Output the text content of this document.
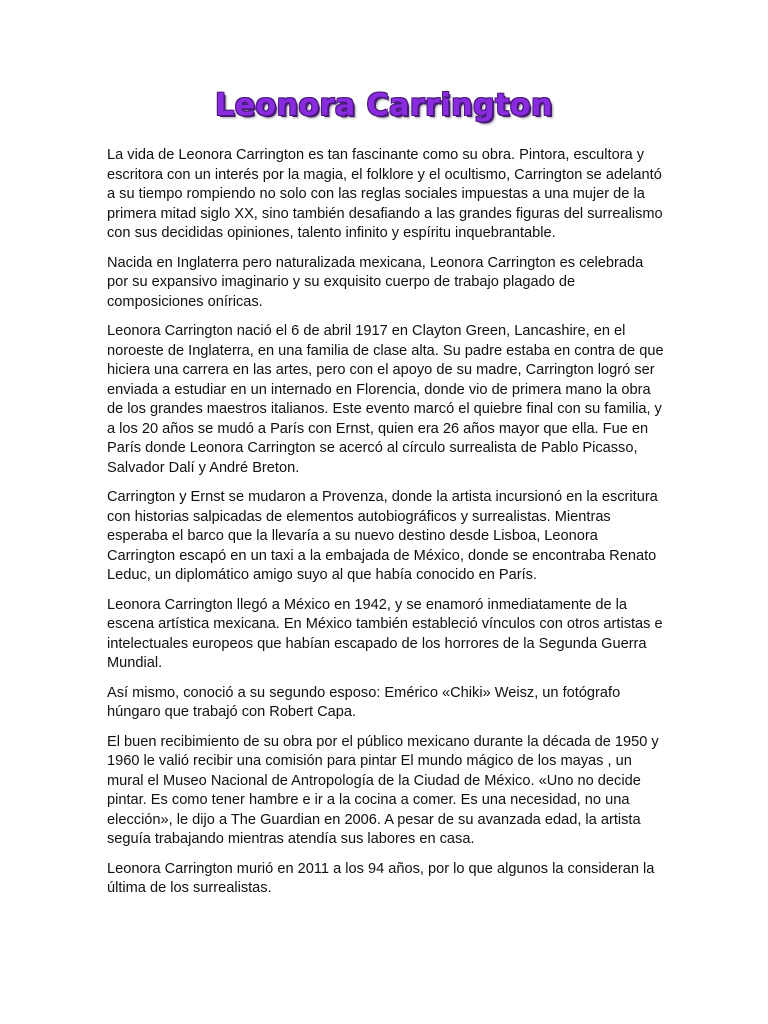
Leonora Carrington

La vida de Leonora Carrington es tan fascinante como su obra. Pintora, escultora y escritora con un interés por la magia, el folklore y el ocultismo, Carrington se adelantó a su tiempo rompiendo no solo con las reglas sociales impuestas a una mujer de la primera mitad siglo XX, sino también desafiando a las grandes figuras del surrealismo con sus decididas opiniones, talento infinito y espíritu inquebrantable.

Nacida en Inglaterra pero naturalizada mexicana, Leonora Carrington es celebrada por su expansivo imaginario y su exquisito cuerpo de trabajo plagado de composiciones oníricas.

Leonora Carrington nació el 6 de abril 1917 en Clayton Green, Lancashire, en el noroeste de Inglaterra, en una familia de clase alta. Su padre estaba en contra de que hiciera una carrera en las artes, pero con el apoyo de su madre, Carrington logró ser enviada a estudiar en un internado en Florencia, donde vio de primera mano la obra de los grandes maestros italianos. Este evento marcó el quiebre final con su familia, y a los 20 años se mudó a París con Ernst, quien era 26 años mayor que ella. Fue en París donde Leonora Carrington se acercó al círculo surrealista de Pablo Picasso, Salvador Dalí y André Breton.

Carrington y Ernst se mudaron a Provenza, donde la artista incursionó en la escritura con historias salpicadas de elementos autobiográficos y surrealistas. Mientras esperaba el barco que la llevaría a su nuevo destino desde Lisboa, Leonora Carrington escapó en un taxi a la embajada de México, donde se encontraba Renato Leduc, un diplomático amigo suyo al que había conocido en París.

Leonora Carrington llegó a México en 1942, y se enamoró inmediatamente de la escena artística mexicana. En México también estableció vínculos con otros artistas e intelectuales europeos que habían escapado de los horrores de la Segunda Guerra Mundial.

Así mismo, conoció a su segundo esposo: Emérico «Chiki» Weisz, un fotógrafo húngaro que trabajó con Robert Capa.

El buen recibimiento de su obra por el público mexicano durante la década de 1950 y 1960 le valió recibir una comisión para pintar El mundo mágico de los mayas , un mural el Museo Nacional de Antropología de la Ciudad de México. «Uno no decide pintar. Es como tener hambre e ir a la cocina a comer. Es una necesidad, no una elección», le dijo a The Guardian en 2006. A pesar de su avanzada edad, la artista seguía trabajando mientras atendía sus labores en casa.

Leonora Carrington murió en 2011 a los 94 años, por lo que algunos la consideran la última de los surrealistas.
